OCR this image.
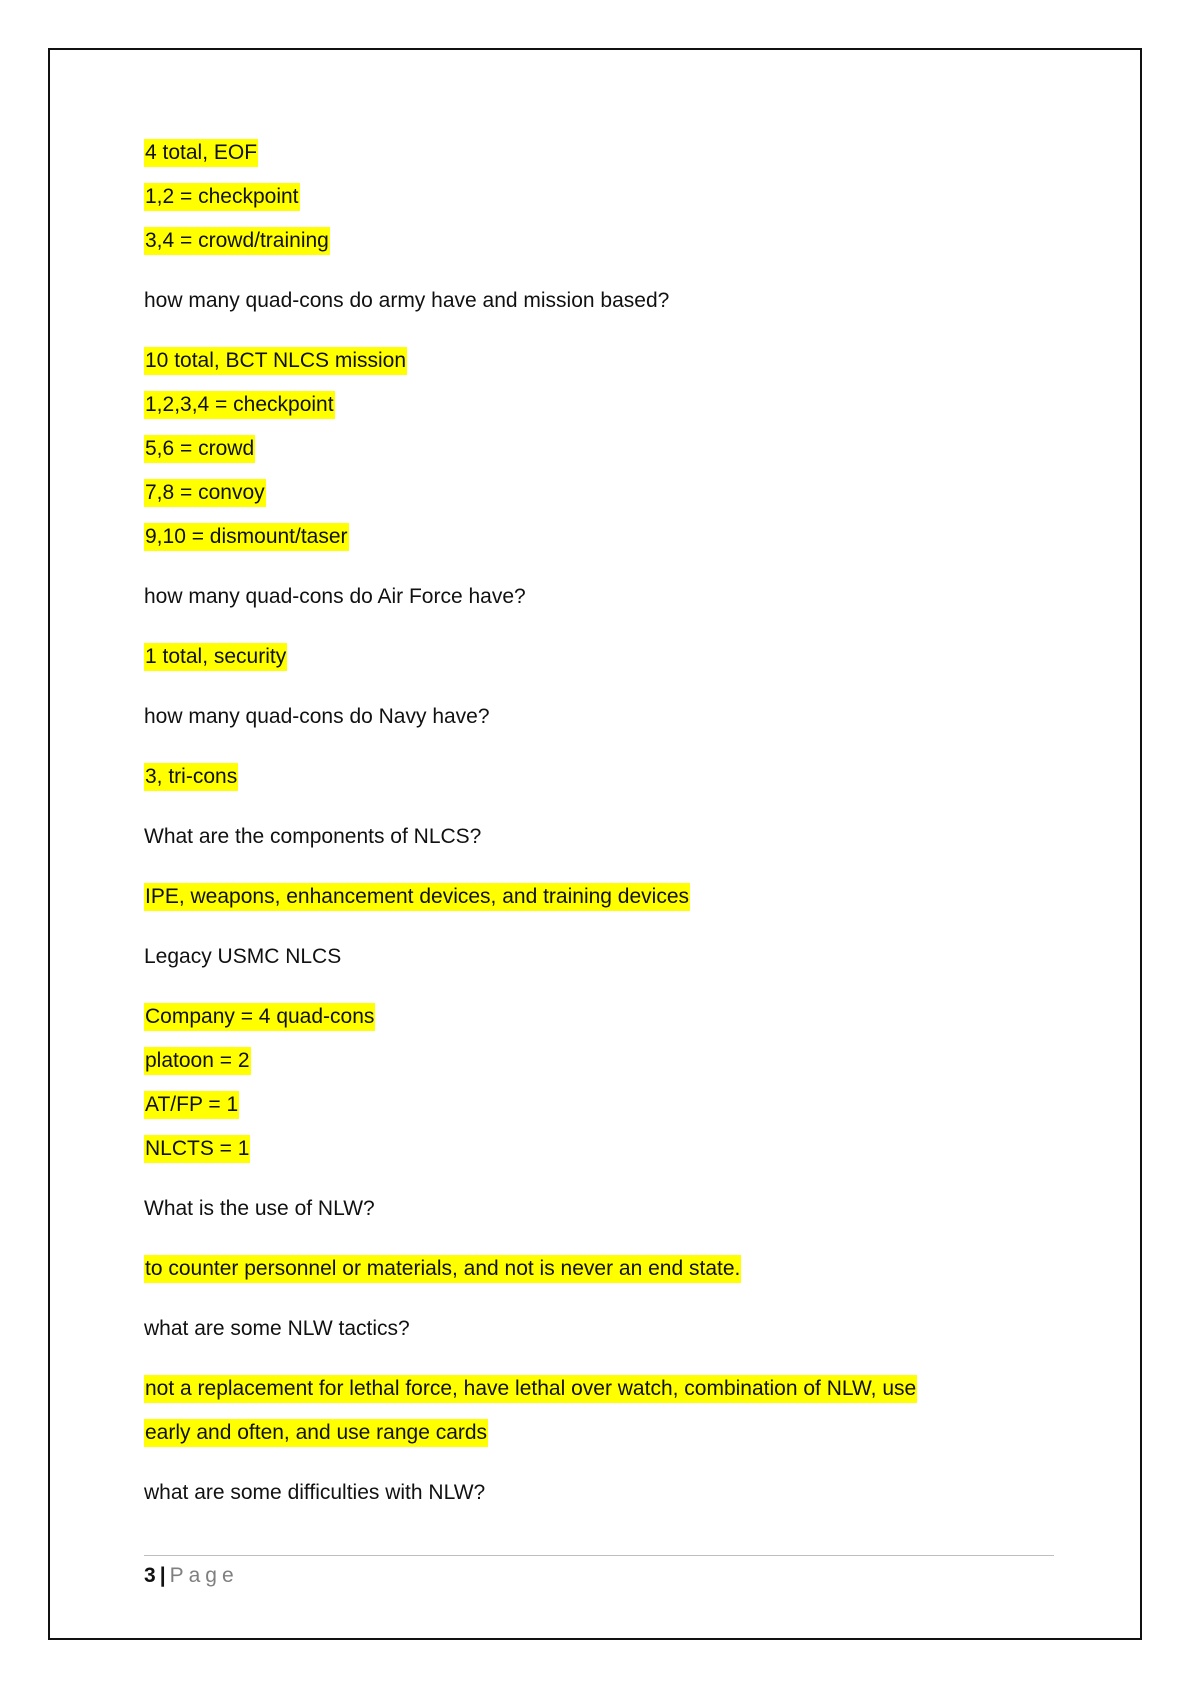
4 total, EOF
1,2 = checkpoint
3,4 = crowd/training
how many quad-cons do army have and mission based?
10 total, BCT NLCS mission
1,2,3,4 = checkpoint
5,6 = crowd
7,8 = convoy
9,10 = dismount/taser
how many quad-cons do Air Force have?
1 total, security
how many quad-cons do Navy have?
3, tri-cons
What are the components of NLCS?
IPE, weapons, enhancement devices, and training devices
Legacy USMC NLCS
Company = 4 quad-cons
platoon = 2
AT/FP = 1
NLCTS = 1
What is the use of NLW?
to counter personnel or materials, and not is never an end state.
what are some NLW tactics?
not a replacement for lethal force, have lethal over watch, combination of NLW, use
early and often, and use range cards
what are some difficulties with NLW?
3 | Page
